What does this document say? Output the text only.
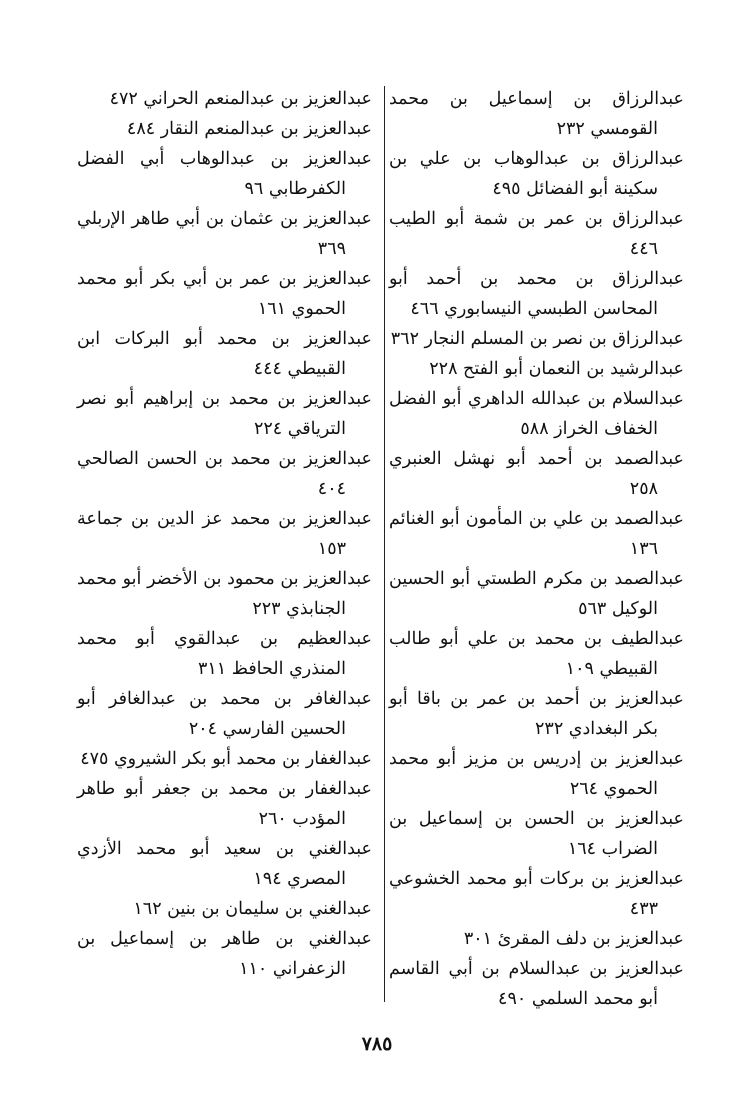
عبدالرزاق بن إسماعيل بن محمد القومسي ٢٣٢

عبدالرزاق بن عبدالوهاب بن علي بن سكينة أبو الفضائل ٤٩٥

عبدالرزاق بن عمر بن شمة أبو الطيب ٤٤٦

عبدالرزاق بن محمد بن أحمد أبو المحاسن الطبسي النيسابوري ٤٦٦

عبدالرزاق بن نصر بن المسلم النجار ٣٦٢

عبدالرشيد بن النعمان أبو الفتح ٢٢٨

عبدالسلام بن عبدالله الداهري أبو الفضل الخفاف الخراز ٥٨٨

عبدالصمد بن أحمد أبو نهشل العنبري ٢٥٨

عبدالصمد بن علي بن المأمون أبو الغنائم ١٣٦

عبدالصمد بن مكرم الطستي أبو الحسين الوكيل ٥٦٣

عبدالطيف بن محمد بن علي أبو طالب القبيطي ١٠٩

عبدالعزيز بن أحمد بن عمر بن باقا أبو بكر البغدادي ٢٣٢

عبدالعزيز بن إدريس بن مزيز أبو محمد الحموي ٢٦٤

عبدالعزيز بن الحسن بن إسماعيل بن الضراب ١٦٤

عبدالعزيز بن بركات أبو محمد الخشوعي ٤٣٣

عبدالعزيز بن دلف المقرئ ٣٠١

عبدالعزيز بن عبدالسلام بن أبي القاسم أبو محمد السلمي ٤٩٠

عبدالعزيز بن عبدالمنعم الحراني ٤٧٢

عبدالعزيز بن عبدالمنعم النقار ٤٨٤

عبدالعزيز بن عبدالوهاب أبي الفضل الكفرطابي ٩٦

عبدالعزيز بن عثمان بن أبي طاهر الإربلي ٣٦٩

عبدالعزيز بن عمر بن أبي بكر أبو محمد الحموي ١٦١

عبدالعزيز بن محمد أبو البركات ابن القبيطي ٤٤٤

عبدالعزيز بن محمد بن إبراهيم أبو نصر الترياقي ٢٢٤

عبدالعزيز بن محمد بن الحسن الصالحي ٤٠٤

عبدالعزيز بن محمد عز الدين بن جماعة ١٥٣

عبدالعزيز بن محمود بن الأخضر أبو محمد الجنابذي ٢٢٣

عبدالعظيم بن عبدالقوي أبو محمد المنذري الحافظ ٣١١

عبدالغافر بن محمد بن عبدالغافر أبو الحسين الفارسي ٢٠٤

عبدالغفار بن محمد أبو بكر الشيروي ٤٧٥

عبدالغفار بن محمد بن جعفر أبو طاهر المؤدب ٢٦٠

عبدالغني بن سعيد أبو محمد الأزدي المصري ١٩٤

عبدالغني بن سليمان بن بنين ١٦٢

عبدالغني بن طاهر بن إسماعيل بن الزعفراني ١١٠

٧٨٥
